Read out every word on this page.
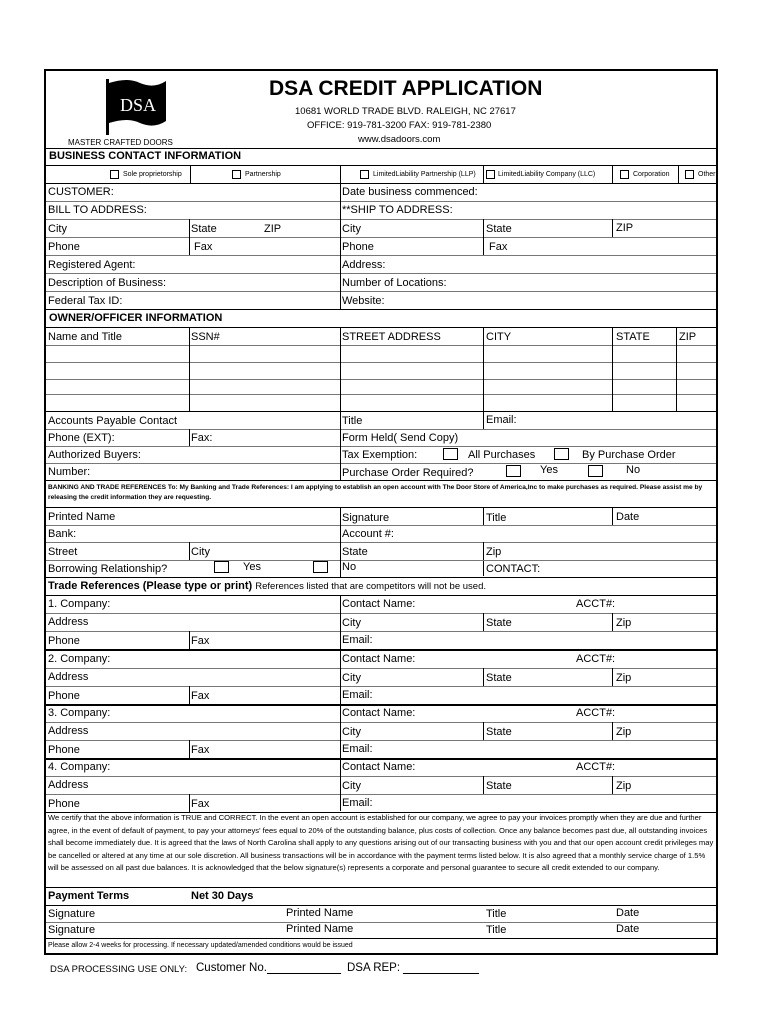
DSA
MASTER CRAFTED DOORS
DSA CREDIT APPLICATION
10681 WORLD TRADE BLVD. RALEIGH, NC 27617
OFFICE: 919-781-3200 FAX: 919-781-2380
www.dsadoors.com
BUSINESS CONTACT INFORMATION
Sole proprietorship	Partnership	LimitedLiability Partnership (LLP)	LimitedLiability Company (LLC)	Corporation	Other
CUSTOMER:	Date business commenced:
BILL TO ADDRESS:	**SHIP TO ADDRESS:
City	State	ZIP	City	State	ZIP
Phone	Fax	Phone	Fax
Registered Agent:	Address:
Description of Business:	Number of Locations:
Federal Tax ID:	Website:
OWNER/OFFICER INFORMATION
Name and Title	SSN#	STREET ADDRESS	CITY	STATE	ZIP
Accounts Payable Contact	Title	Email:
Phone (EXT):	Fax:	Form Held( Send Copy)
Authorized Buyers:	Tax Exemption:	All Purchases	By Purchase Order
Number:	Purchase Order Required?	Yes	No
BANKING AND TRADE REFERENCES To: My Banking and Trade References: I am applying to establish an open account with The Door Store of America,Inc to make purchases as required. Please assist me by releasing the credit information they are requesting.
Printed Name	Signature	Title	Date
Bank:	Account #:
Street	City	State	Zip
Borrowing Relationship?	Yes	No	CONTACT:
Trade References (Please type or print) References listed that are competitors will not be used.
1. Company:	Contact Name:	ACCT#:
Address	City	State	Zip
Phone	Fax	Email:
2. Company:	Contact Name:	ACCT#:
Address	City	State	Zip
Phone	Fax	Email:
3. Company:	Contact Name:	ACCT#:
Address	City	State	Zip
Phone	Fax	Email:
4. Company:	Contact Name:	ACCT#:
Address	City	State	Zip
Phone	Fax	Email:
We certify that the above information is TRUE and CORRECT. In the event an open account is established for our company, we agree to pay your invoices promptly when they are due and further agree, in the event of default of payment, to pay your attorneys' fees equal to 20% of the outstanding balance, plus costs of collection. Once any balance becomes past due, all outstanding invoices shall become immediately due. It is agreed that the laws of North Carolina shall apply to any questions arising out of our transacting business with you and that our open account credit privileges may be cancelled or altered at any time at our sole discretion. All business transactions will be in accordance with the payment terms listed below. It is also agreed that a monthly service charge of 1.5% will be assessed on all past due balances. It is acknowledged that the below signature(s) represents a corporate and personal guarantee to secure all credit extended to our company.
Payment Terms	Net 30 Days
Signature	Printed Name	Title	Date
Signature	Printed Name	Title	Date
Please allow 2-4 weeks for processing. If necessary updated/amended conditions would be issued
DSA PROCESSING USE ONLY: Customer No.	DSA REP:
